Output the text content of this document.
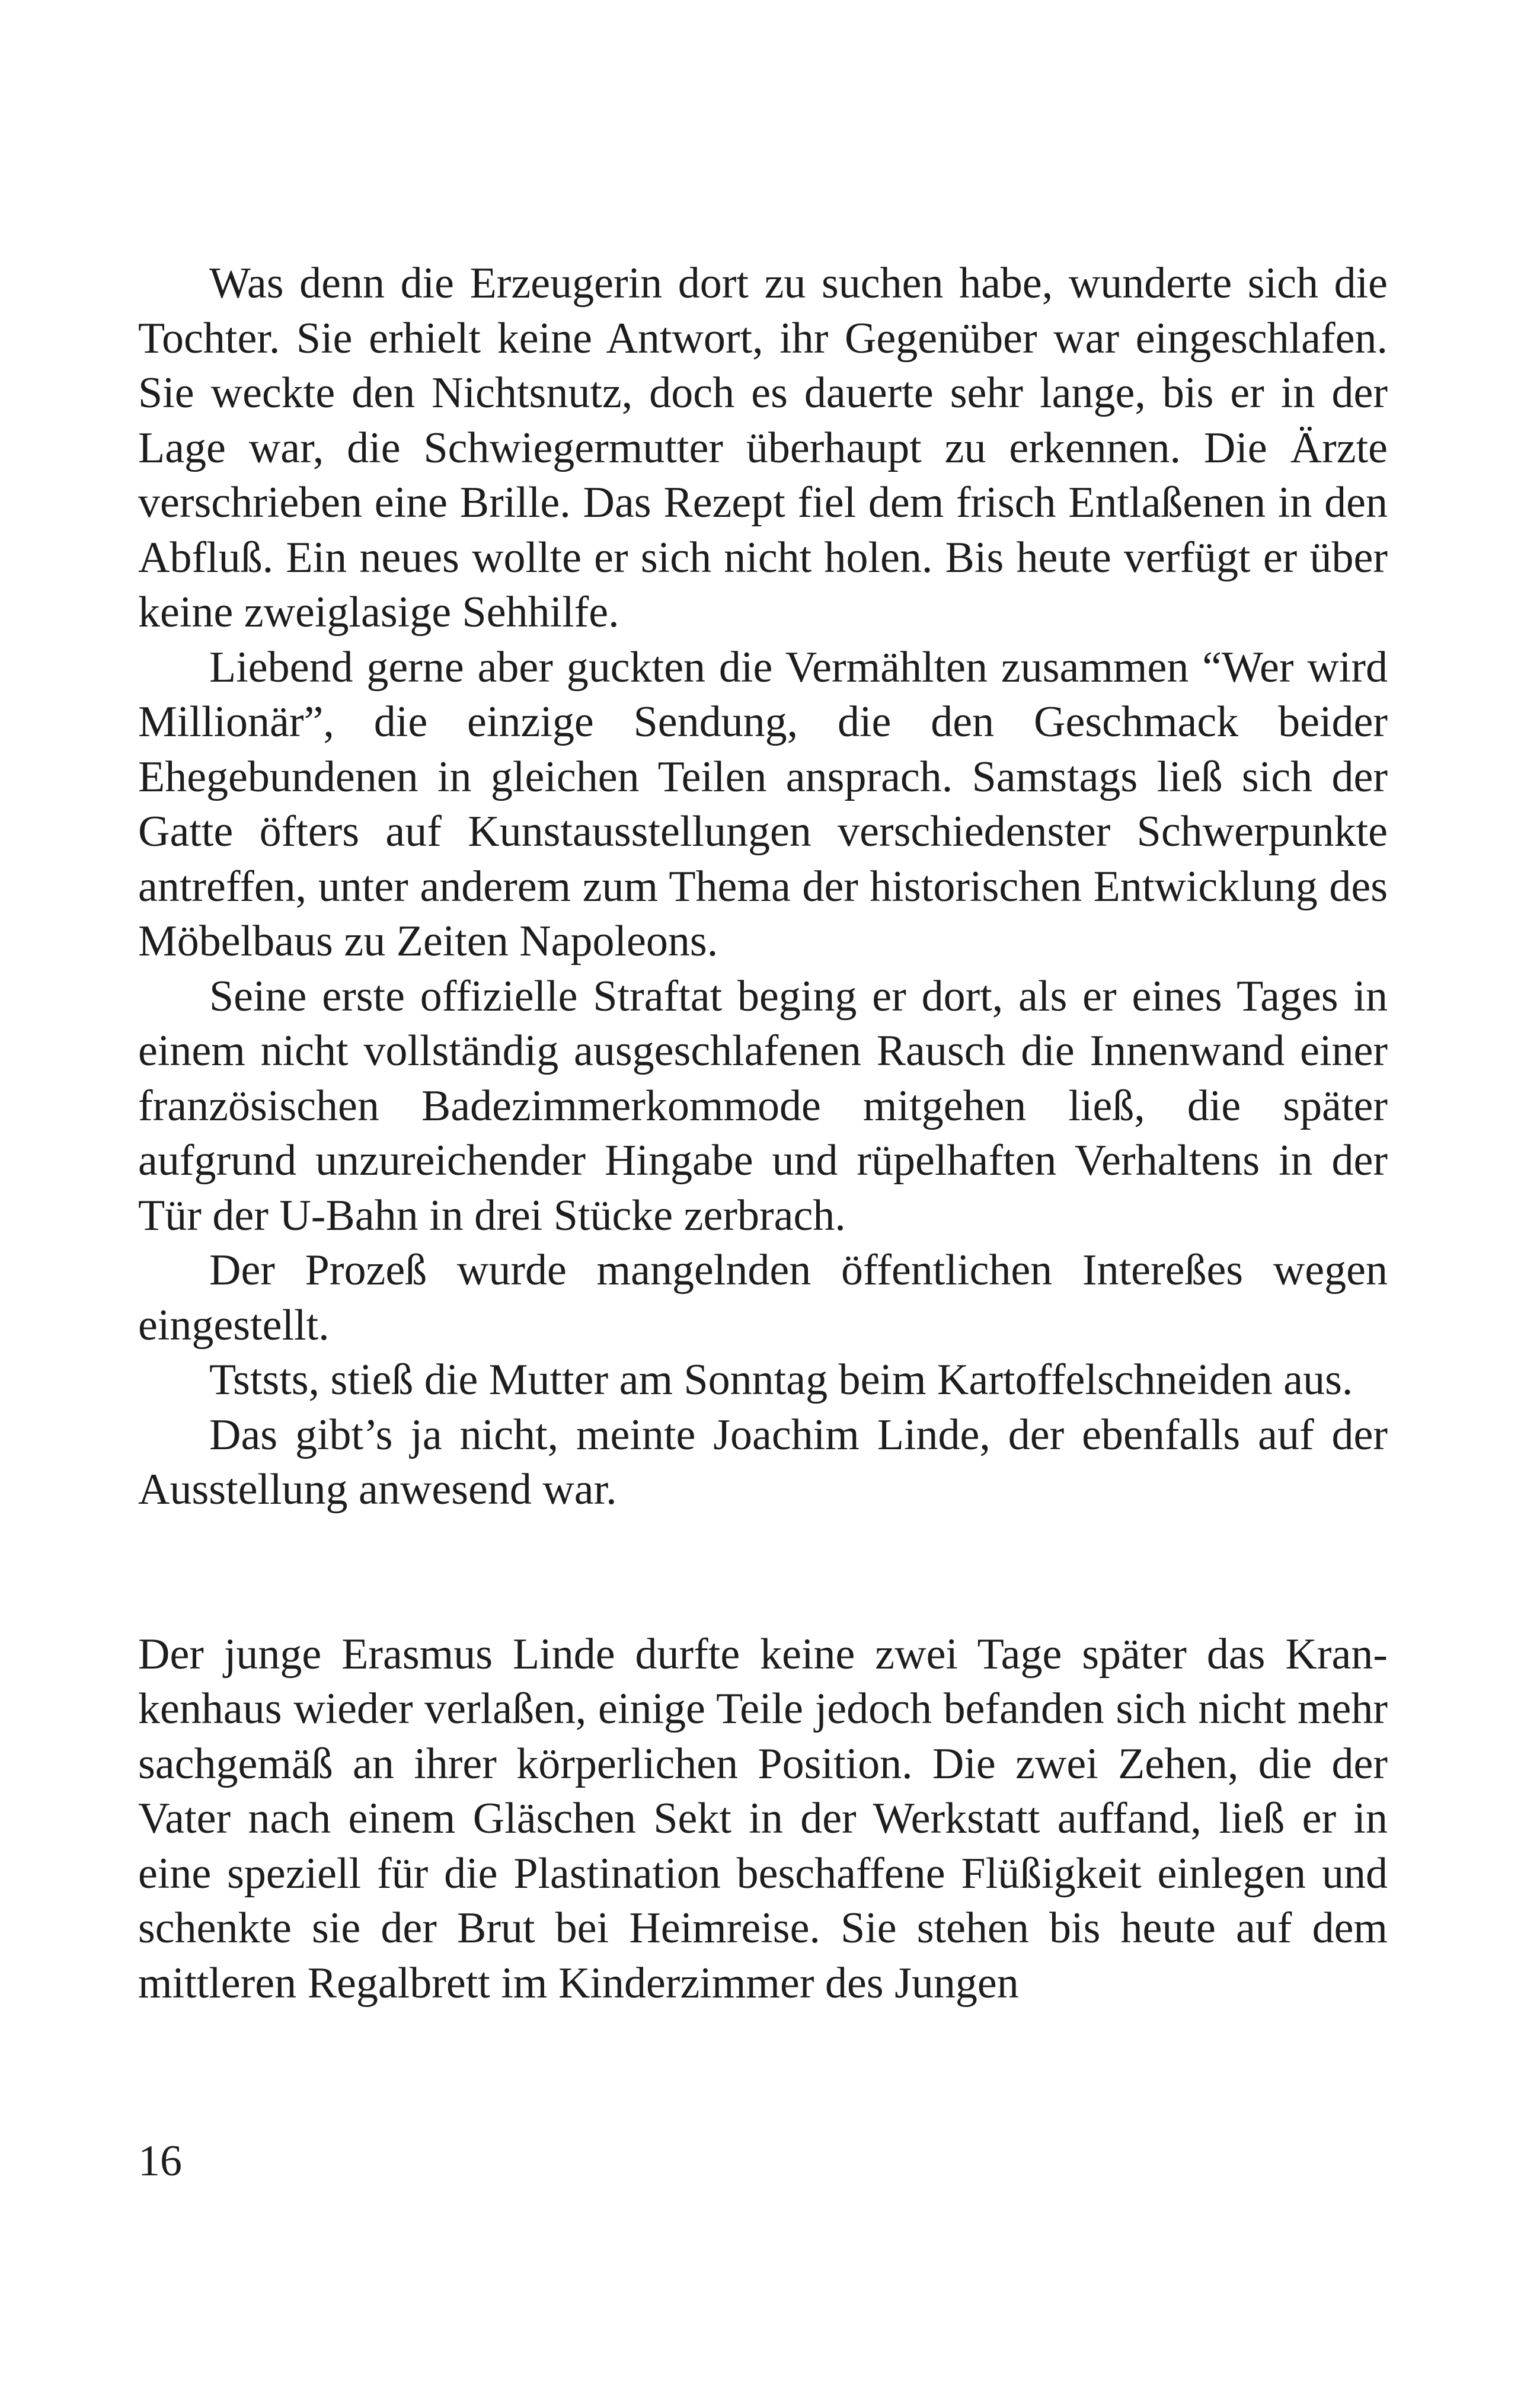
Was denn die Erzeugerin dort zu suchen habe, wunderte sich die Tochter. Sie erhielt keine Antwort, ihr Gegenüber war eingeschlafen. Sie weckte den Nichtsnutz, doch es dauerte sehr lange, bis er in der Lage war, die Schwiegermutter überhaupt zu erkennen. Die Ärzte verschrieben eine Brille. Das Rezept fiel dem frisch Entlaßenen in den Abfluß. Ein neues wollte er sich nicht holen. Bis heute verfügt er über keine zweiglasige Sehhilfe.

Liebend gerne aber guckten die Vermählten zusammen “Wer wird Millionär”, die einzige Sendung, die den Geschmack beider Ehegebundenen in gleichen Teilen ansprach. Samstags ließ sich der Gatte öfters auf Kunstausstellungen verschiedenster Schwerpunkte antreffen, unter anderem zum Thema der historischen Entwicklung des Möbelbaus zu Zeiten Napoleons.

Seine erste offizielle Straftat beging er dort, als er eines Tages in einem nicht vollständig ausgeschlafenen Rausch die Innenwand einer französischen Badezimmerkommode mitgehen ließ, die später aufgrund unzureichender Hingabe und rüpelhaften Verhaltens in der Tür der U-Bahn in drei Stücke zerbrach.

Der Prozeß wurde mangelnden öffentlichen Intereßes wegen eingestellt.

Tststs, stieß die Mutter am Sonntag beim Kartoffelschneiden aus.

Das gibt’s ja nicht, meinte Joachim Linde, der ebenfalls auf der Ausstellung anwesend war.

Der junge Erasmus Linde durfte keine zwei Tage später das Krankenhaus wieder verlaßen, einige Teile jedoch befanden sich nicht mehr sachgemäß an ihrer körperlichen Position. Die zwei Zehen, die der Vater nach einem Gläschen Sekt in der Werkstatt auffand, ließ er in eine speziell für die Plastination beschaffene Flüßigkeit einlegen und schenkte sie der Brut bei Heimreise. Sie stehen bis heute auf dem mittleren Regalbrett im Kinderzimmer des Jungen

16
